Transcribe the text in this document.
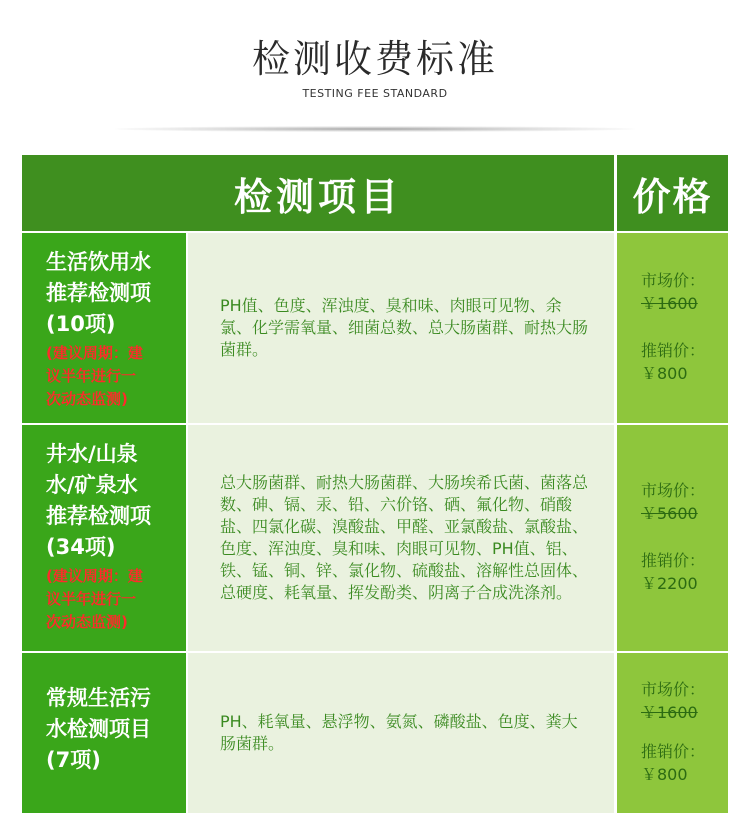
检测收费标准
TESTING FEE STANDARD
检测项目	价格
生活饮用水
推荐检测项
(10项)
(建议周期：建
议半年进行一
次动态监测)
PH值、色度、浑浊度、臭和味、肉眼可见物、余氯、化学需氧量、细菌总数、总大肠菌群、耐热大肠菌群。
市场价：
￥1600
推销价：
￥800
井水/山泉
水/矿泉水
推荐检测项
(34项)
(建议周期：建
议半年进行一
次动态监测)
总大肠菌群、耐热大肠菌群、大肠埃希氏菌、菌落总数、砷、镉、汞、铅、六价铬、硒、氟化物、硝酸盐、四氯化碳、溴酸盐、甲醛、亚氯酸盐、氯酸盐、色度、浑浊度、臭和味、肉眼可见物、PH值、铝、铁、锰、铜、锌、氯化物、硫酸盐、溶解性总固体、总硬度、耗氧量、挥发酚类、阴离子合成洗涤剂。
市场价：
￥5600
推销价：
￥2200
常规生活污
水检测项目
(7项)
PH、耗氧量、悬浮物、氨氮、磷酸盐、色度、粪大肠菌群。
市场价：
￥1600
推销价：
￥800
